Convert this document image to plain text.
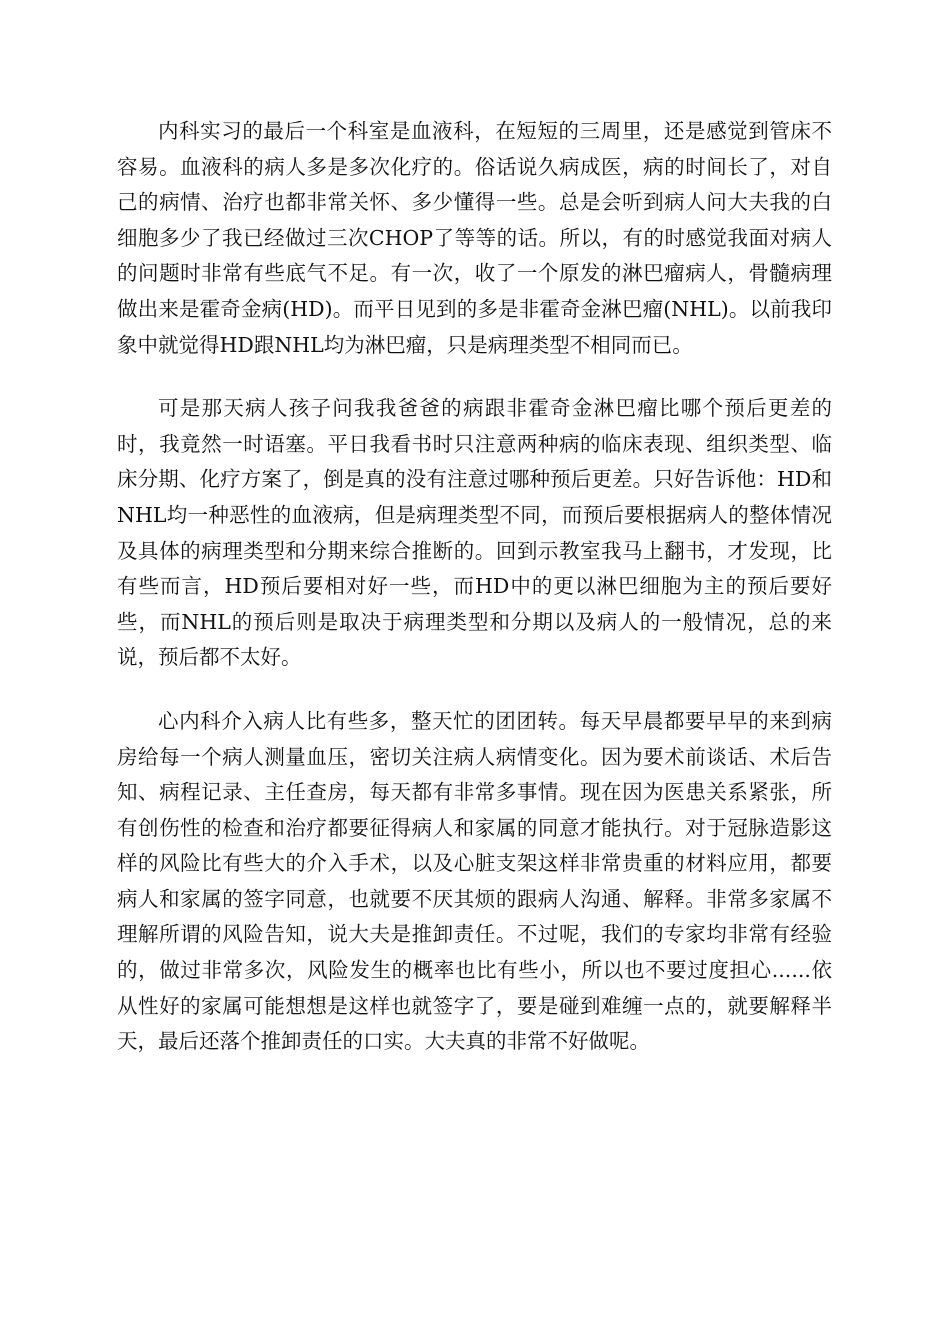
内科实习的最后一个科室是血液科，在短短的三周里，还是感觉到管床不容易。血液科的病人多是多次化疗的。俗话说久病成医，病的时间长了，对自己的病情、治疗也都非常关怀、多少懂得一些。总是会听到病人问大夫我的白细胞多少了我已经做过三次CHOP了等等的话。所以，有的时感觉我面对病人的问题时非常有些底气不足。有一次，收了一个原发的淋巴瘤病人，骨髓病理做出来是霍奇金病(HD)。而平日见到的多是非霍奇金淋巴瘤(NHL)。以前我印象中就觉得HD跟NHL均为淋巴瘤，只是病理类型不相同而已。

可是那天病人孩子问我我爸爸的病跟非霍奇金淋巴瘤比哪个预后更差的时，我竟然一时语塞。平日我看书时只注意两种病的临床表现、组织类型、临床分期、化疗方案了，倒是真的没有注意过哪种预后更差。只好告诉他：HD和NHL均一种恶性的血液病，但是病理类型不同，而预后要根据病人的整体情况及具体的病理类型和分期来综合推断的。回到示教室我马上翻书，才发现，比有些而言，HD预后要相对好一些，而HD中的更以淋巴细胞为主的预后要好些，而NHL的预后则是取决于病理类型和分期以及病人的一般情况，总的来说，预后都不太好。

心内科介入病人比有些多，整天忙的团团转。每天早晨都要早早的来到病房给每一个病人测量血压，密切关注病人病情变化。因为要术前谈话、术后告知、病程记录、主任查房，每天都有非常多事情。现在因为医患关系紧张，所有创伤性的检查和治疗都要征得病人和家属的同意才能执行。对于冠脉造影这样的风险比有些大的介入手术，以及心脏支架这样非常贵重的材料应用，都要病人和家属的签字同意，也就要不厌其烦的跟病人沟通、解释。非常多家属不理解所谓的风险告知，说大夫是推卸责任。不过呢，我们的专家均非常有经验的，做过非常多次，风险发生的概率也比有些小，所以也不要过度担心......依从性好的家属可能想想是这样也就签字了，要是碰到难缠一点的，就要解释半天，最后还落个推卸责任的口实。大夫真的非常不好做呢。
